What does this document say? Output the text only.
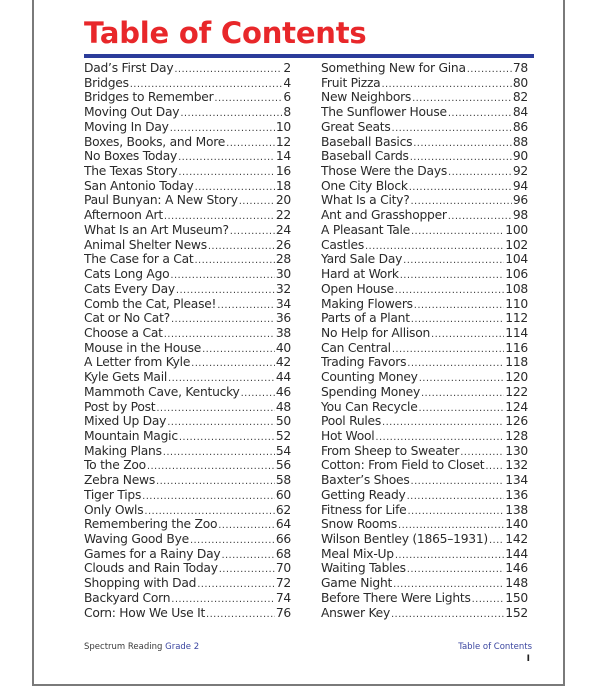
Table of Contents
Dad’s First Day . . .	2
Bridges . . .	4
Bridges to Remember . . .	6
Moving Out Day . . .	8
Moving In Day . . .	10
Boxes, Books, and More . . .	12
No Boxes Today . . .	14
The Texas Story . . .	16
San Antonio Today . . .	18
Paul Bunyan: A New Story . . .	20
Afternoon Art . . .	22
What Is an Art Museum? . . .	24
Animal Shelter News . . .	26
The Case for a Cat . . .	28
Cats Long Ago . . .	30
Cats Every Day . . .	32
Comb the Cat, Please! . . .	34
Cat or No Cat? . . .	36
Choose a Cat . . .	38
Mouse in the House . . .	40
A Letter from Kyle . . .	42
Kyle Gets Mail . . .	44
Mammoth Cave, Kentucky . . .	46
Post by Post . . .	48
Mixed Up Day . . .	50
Mountain Magic . . .	52
Making Plans . . .	54
To the Zoo . . .	56
Zebra News . . .	58
Tiger Tips . . .	60
Only Owls . . .	62
Remembering the Zoo . . .	64
Waving Good Bye . . .	66
Games for a Rainy Day . . .	68
Clouds and Rain Today . . .	70
Shopping with Dad . . .	72
Backyard Corn . . .	74
Corn: How We Use It . . .	76
Something New for Gina . . .	78
Fruit Pizza . . .	80
New Neighbors . . .	82
The Sunflower House . . .	84
Great Seats . . .	86
Baseball Basics . . .	88
Baseball Cards . . .	90
Those Were the Days . . .	92
One City Block . . .	94
What Is a City? . . .	96
Ant and Grasshopper . . .	98
A Pleasant Tale . . .	100
Castles . . .	102
Yard Sale Day . . .	104
Hard at Work . . .	106
Open House . . .	108
Making Flowers . . .	110
Parts of a Plant . . .	112
No Help for Allison . . .	114
Can Central . . .	116
Trading Favors . . .	118
Counting Money . . .	120
Spending Money . . .	122
You Can Recycle . . .	124
Pool Rules . . .	126
Hot Wool . . .	128
From Sheep to Sweater . . .	130
Cotton: From Field to Closet . . . 132
Baxter’s Shoes . . .	134
Getting Ready . . .	136
Fitness for Life . . .	138
Snow Rooms . . .	140
Wilson Bentley (1865–1931) . . . 142
Meal Mix-Up . . .	144
Waiting Tables . . .	146
Game Night . . .	148
Before There Were Lights . . .	150
Answer Key . . .	152
Spectrum Reading Grade 2	Table of Contents
I
